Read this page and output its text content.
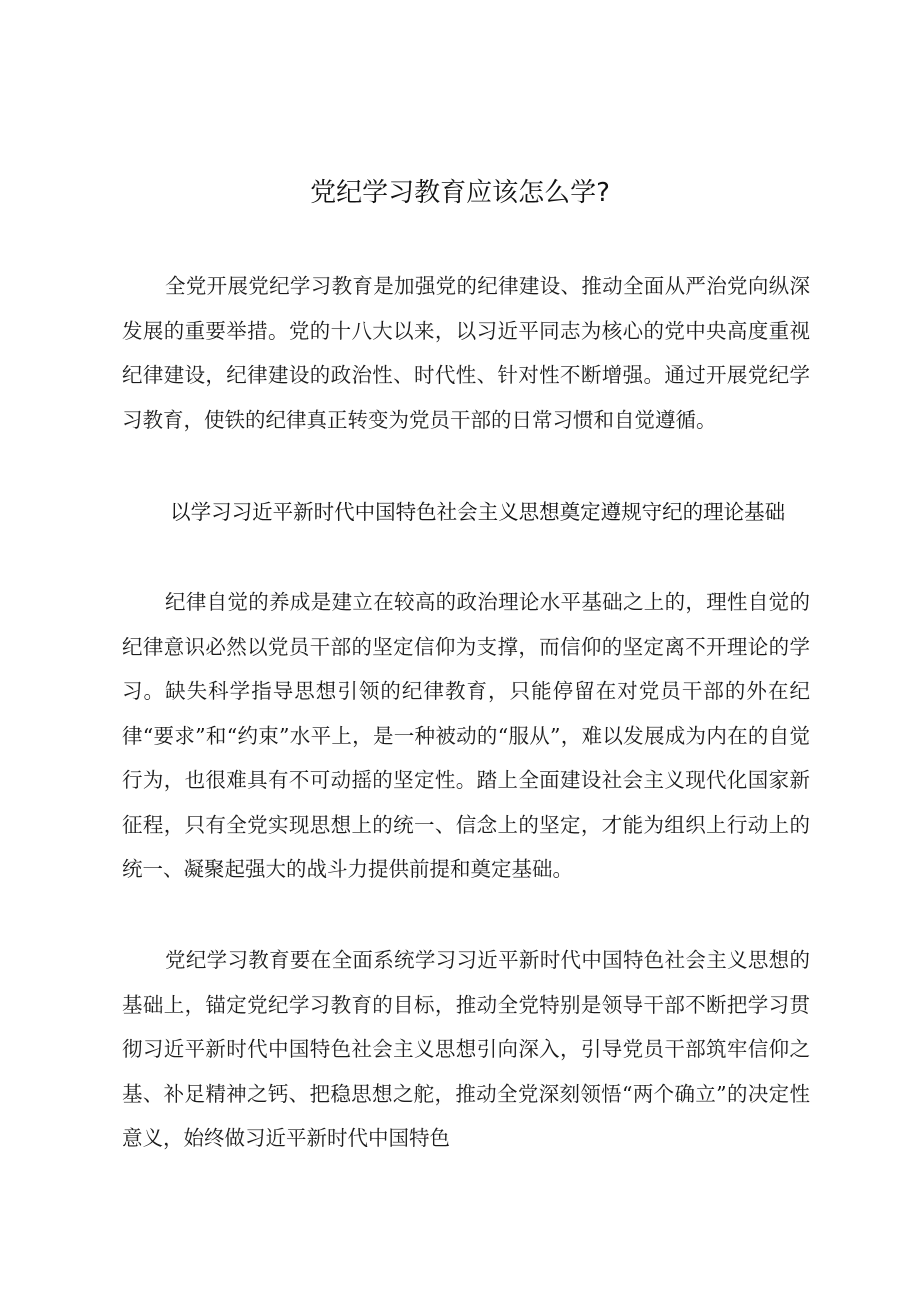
党纪学习教育应该怎么学?

全党开展党纪学习教育是加强党的纪律建设、推动全面从严治党向纵深发展的重要举措。党的十八大以来，以习近平同志为核心的党中央高度重视纪律建设，纪律建设的政治性、时代性、针对性不断增强。通过开展党纪学习教育，使铁的纪律真正转变为党员干部的日常习惯和自觉遵循。

以学习习近平新时代中国特色社会主义思想奠定遵规守纪的理论基础

纪律自觉的养成是建立在较高的政治理论水平基础之上的，理性自觉的纪律意识必然以党员干部的坚定信仰为支撑，而信仰的坚定离不开理论的学习。缺失科学指导思想引领的纪律教育，只能停留在对党员干部的外在纪律“要求”和“约束”水平上，是一种被动的“服从”，难以发展成为内在的自觉行为，也很难具有不可动摇的坚定性。踏上全面建设社会主义现代化国家新征程，只有全党实现思想上的统一、信念上的坚定，才能为组织上行动上的统一、凝聚起强大的战斗力提供前提和奠定基础。

党纪学习教育要在全面系统学习习近平新时代中国特色社会主义思想的基础上，锚定党纪学习教育的目标，推动全党特别是领导干部不断把学习贯彻习近平新时代中国特色社会主义思想引向深入，引导党员干部筑牢信仰之基、补足精神之钙、把稳思想之舵，推动全党深刻领悟“两个确立”的决定性意义，始终做习近平新时代中国特色
